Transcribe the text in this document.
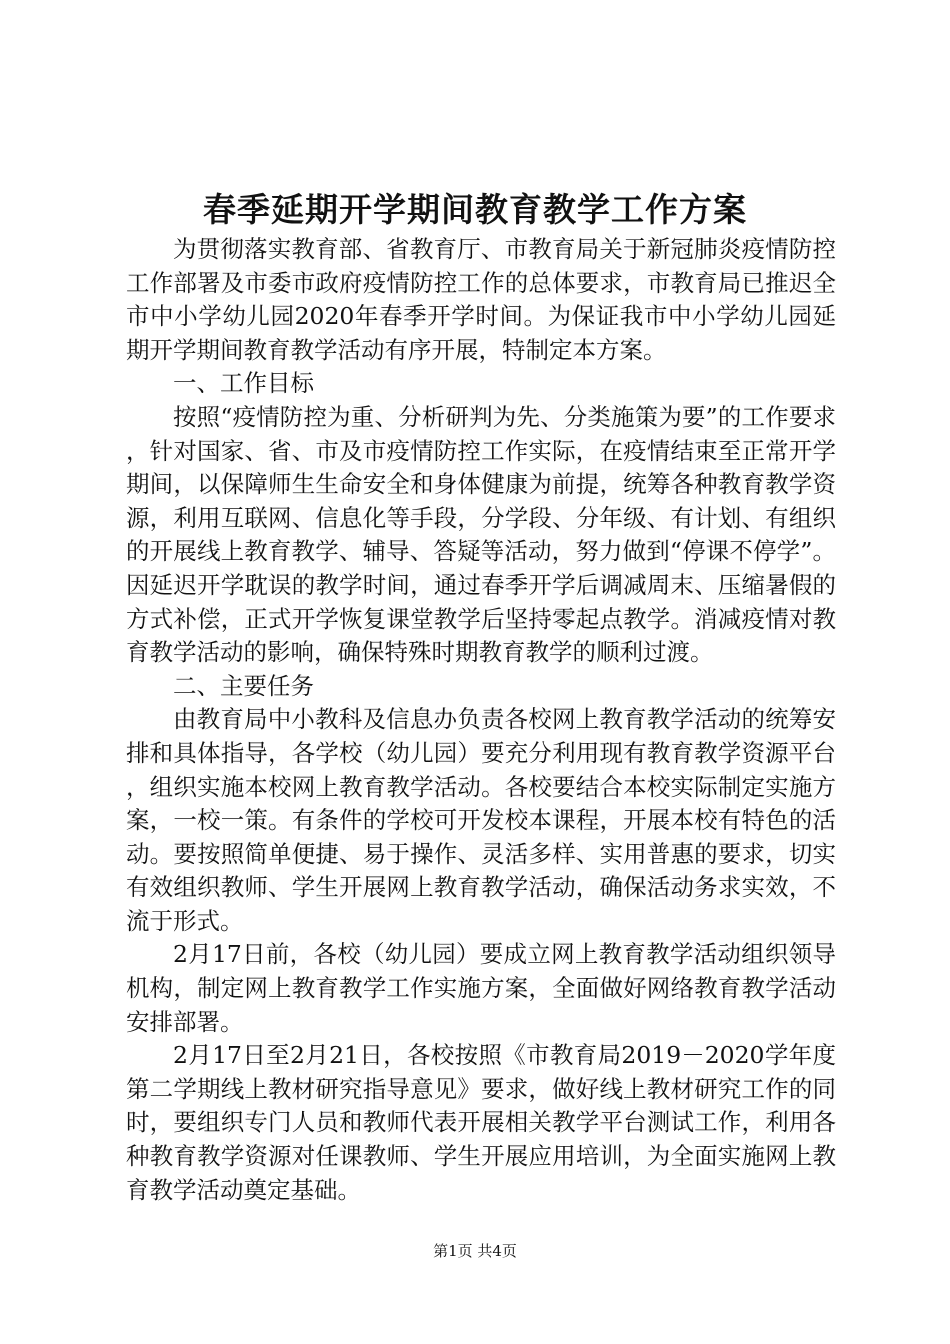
春季延期开学期间教育教学工作方案

为贯彻落实教育部、省教育厅、市教育局关于新冠肺炎疫情防控工作部署及市委市政府疫情防控工作的总体要求，市教育局已推迟全市中小学幼儿园2020年春季开学时间。为保证我市中小学幼儿园延期开学期间教育教学活动有序开展，特制定本方案。

一、工作目标

按照“疫情防控为重、分析研判为先、分类施策为要”的工作要求，针对国家、省、市及市疫情防控工作实际，在疫情结束至正常开学期间，以保障师生生命安全和身体健康为前提，统筹各种教育教学资源，利用互联网、信息化等手段，分学段、分年级、有计划、有组织的开展线上教育教学、辅导、答疑等活动，努力做到“停课不停学”。因延迟开学耽误的教学时间，通过春季开学后调减周末、压缩暑假的方式补偿，正式开学恢复课堂教学后坚持零起点教学。消减疫情对教育教学活动的影响，确保特殊时期教育教学的顺利过渡。

二、主要任务

由教育局中小教科及信息办负责各校网上教育教学活动的统筹安排和具体指导，各学校（幼儿园）要充分利用现有教育教学资源平台，组织实施本校网上教育教学活动。各校要结合本校实际制定实施方案，一校一策。有条件的学校可开发校本课程，开展本校有特色的活动。要按照简单便捷、易于操作、灵活多样、实用普惠的要求，切实有效组织教师、学生开展网上教育教学活动，确保活动务求实效，不流于形式。

2月17日前，各校（幼儿园）要成立网上教育教学活动组织领导机构，制定网上教育教学工作实施方案，全面做好网络教育教学活动安排部署。

2月17日至2月21日，各校按照《市教育局2019－2020学年度第二学期线上教材研究指导意见》要求，做好线上教材研究工作的同时，要组织专门人员和教师代表开展相关教学平台测试工作，利用各种教育教学资源对任课教师、学生开展应用培训，为全面实施网上教育教学活动奠定基础。

第1页 共4页
